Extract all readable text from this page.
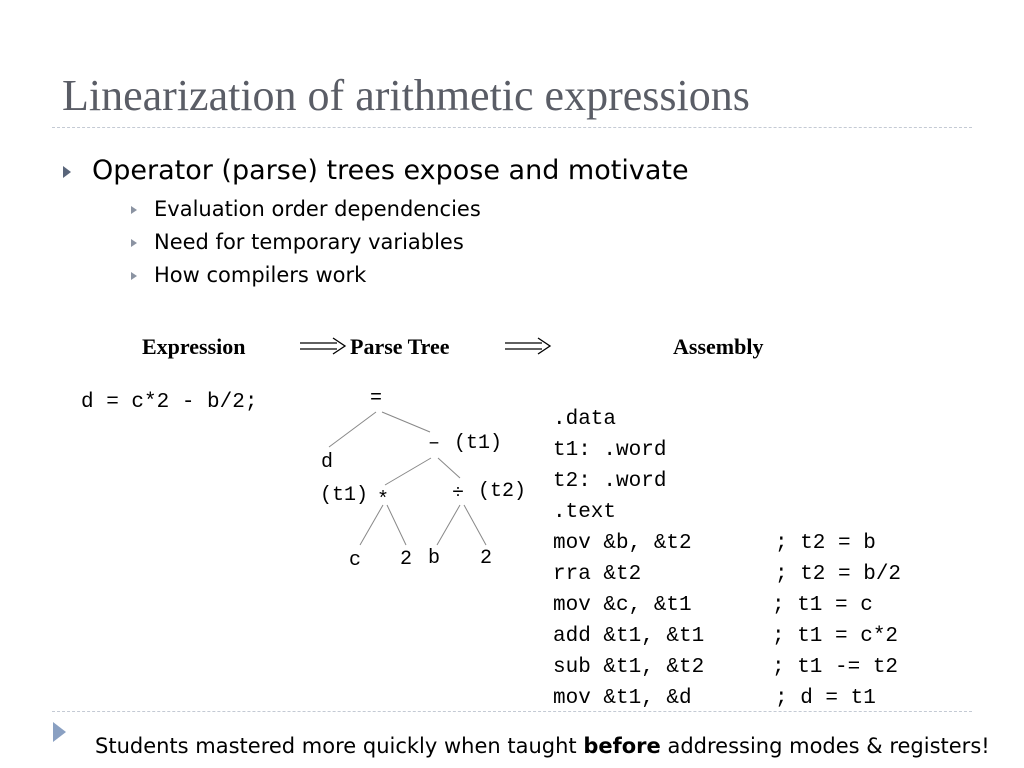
Linearization of arithmetic expressions
Operator (parse) trees expose and motivate
Evaluation order dependencies
Need for temporary variables
How compilers work
Expression	Parse Tree	Assembly
d = c*2 - b/2;	=
d
– (t1)
(t1) *	÷ (t2)
c 2 b 2
.data
t1: .word
t2: .word
.text
mov &b, &t2	; t2 = b
rra &t2	; t2 = b/2
mov &c, &t1	; t1 = c
add &t1, &t1	; t1 = c*2
sub &t1, &t2	; t1 -= t2
mov &t1, &d	; d = t1
Students mastered more quickly when taught before addressing modes & registers!
